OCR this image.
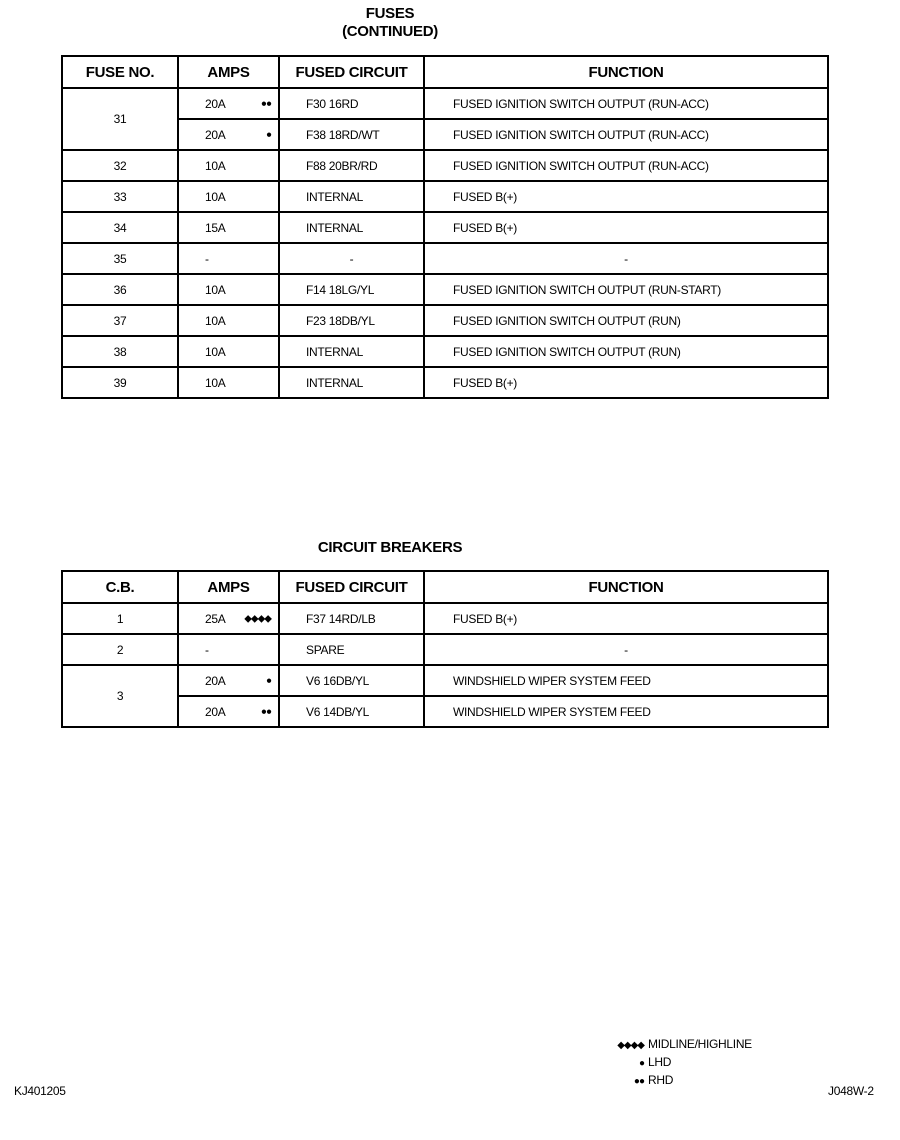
FUSES
(CONTINUED)
FUSE NO.	AMPS	FUSED CIRCUIT	FUNCTION
31	20A ●●	F30 16RD	FUSED IGNITION SWITCH OUTPUT (RUN-ACC)
	20A ●	F38 18RD/WT	FUSED IGNITION SWITCH OUTPUT (RUN-ACC)
32	10A	F88 20BR/RD	FUSED IGNITION SWITCH OUTPUT (RUN-ACC)
33	10A	INTERNAL	FUSED B(+)
34	15A	INTERNAL	FUSED B(+)
35	-	-	-
36	10A	F14 18LG/YL	FUSED IGNITION SWITCH OUTPUT (RUN-START)
37	10A	F23 18DB/YL	FUSED IGNITION SWITCH OUTPUT (RUN)
38	10A	INTERNAL	FUSED IGNITION SWITCH OUTPUT (RUN)
39	10A	INTERNAL	FUSED B(+)
CIRCUIT BREAKERS
C.B.	AMPS	FUSED CIRCUIT	FUNCTION
1	25A ◆◆◆◆	F37 14RD/LB	FUSED B(+)
2	-	SPARE	-
3	20A ●	V6 16DB/YL	WINDSHIELD WIPER SYSTEM FEED
	20A ●●	V6 14DB/YL	WINDSHIELD WIPER SYSTEM FEED
◆◆◆◆ MIDLINE/HIGHLINE
● LHD
●● RHD
KJ401205	J048W-2
